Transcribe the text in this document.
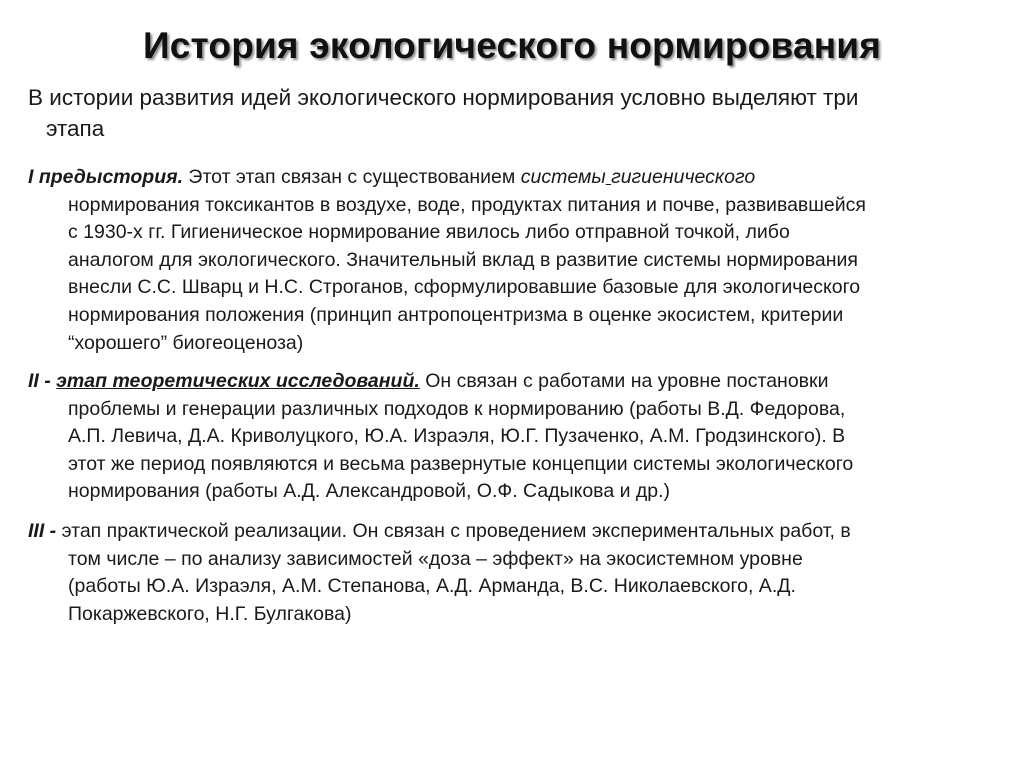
История экологического нормирования
В истории развития идей экологического нормирования условно выделяют три
этапа
I предыстория. Этот этап связан с существованием системы гигиенического
нормирования токсикантов в воздухе, воде, продуктах питания и почве, развивавшейся
с 1930-х гг. Гигиеническое нормирование явилось либо отправной точкой, либо
аналогом для экологического. Значительный вклад в развитие системы нормирования
внесли С.С. Шварц и Н.С. Строганов, сформулировавшие базовые для экологического
нормирования положения (принцип антропоцентризма в оценке экосистем, критерии
“хорошего” биогеоценоза)
II - этап теоретических исследований. Он связан с работами на уровне постановки
проблемы и генерации различных подходов к нормированию (работы В.Д. Федорова,
А.П. Левича, Д.А. Криволуцкого, Ю.А. Израэля, Ю.Г. Пузаченко, А.М. Гродзинского). В
этот же период появляются и весьма развернутые концепции системы экологического
нормирования (работы А.Д. Александровой, О.Ф. Садыкова и др.)
III - этап практической реализации. Он связан с проведением экспериментальных работ, в
том числе – по анализу зависимостей «доза – эффект» на экосистемном уровне
(работы Ю.А. Израэля, А.М. Степанова, А.Д. Арманда, В.С. Николаевского, А.Д.
Покаржевского, Н.Г. Булгакова)
